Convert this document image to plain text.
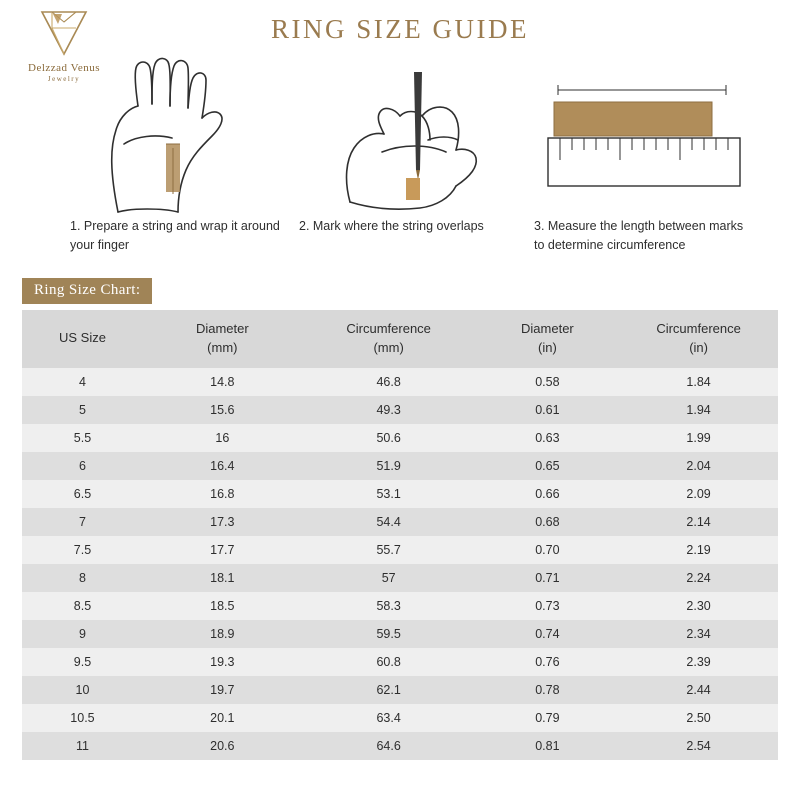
Delzzad Venus
Jewelry
RING SIZE GUIDE
1. Prepare a string and wrap it around your finger
2. Mark where the string overlaps	3. Measure the length between marks to determine circumference
Ring Size Chart:
US Size

Diameter
(mm)

Circumference
(mm)

Diameter
(in)

Circumference
(in)

4	14.8	46.8	0.58	1.84
5	15.6	49.3	0.61	1.94
5.5	16	50.6	0.63	1.99
6	16.4	51.9	0.65	2.04
6.5	16.8	53.1	0.66	2.09
7	17.3	54.4	0.68	2.14
7.5	17.7	55.7	0.70	2.19
8	18.1	57	0.71	2.24
8.5	18.5	58.3	0.73	2.30
9	18.9	59.5	0.74	2.34
9.5	19.3	60.8	0.76	2.39
10	19.7	62.1	0.78	2.44
10.5	20.1	63.4	0.79	2.50
11	20.6	64.6	0.81	2.54
